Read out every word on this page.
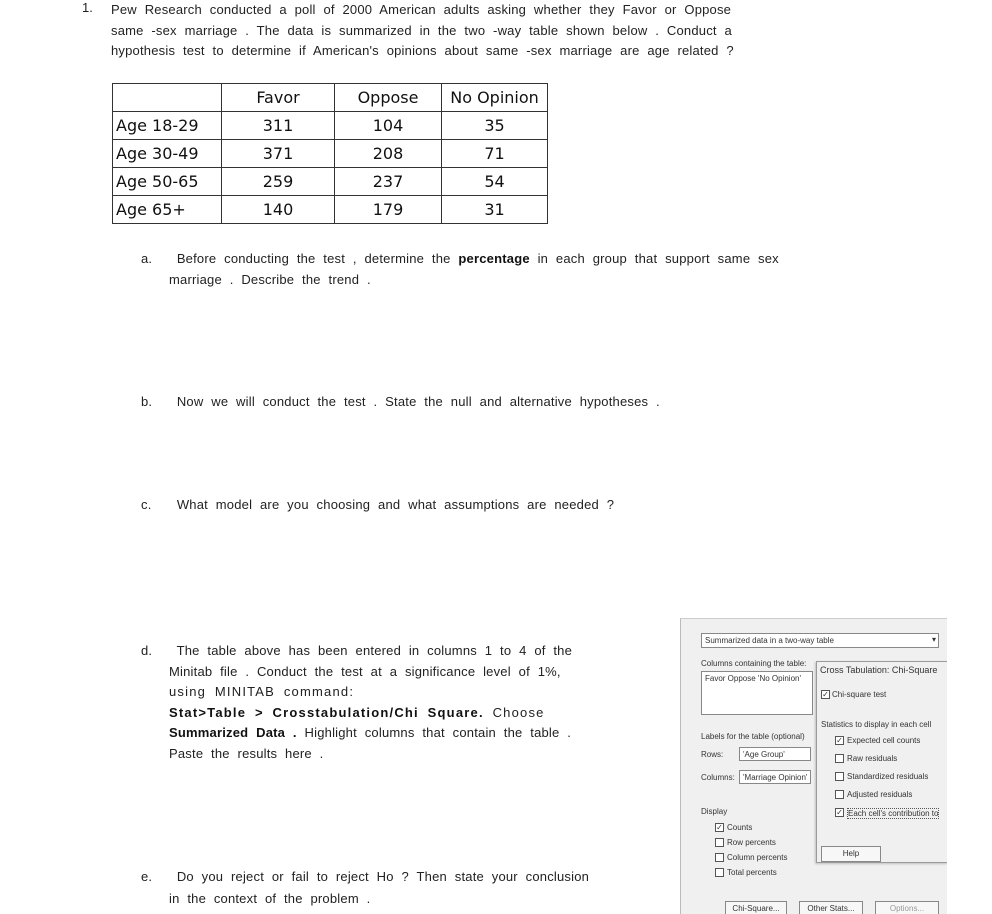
1. Pew Research conducted a poll of 2000 American adults asking whether they Favor or Oppose
same -sex marriage . The data is summarized in the two -way table shown below . Conduct a
hypothesis test to determine if American's opinions about same -sex marriage are age related ?
	Favor	Oppose	No Opinion
Age 18-29	311	104	35
Age 30-49	371	208	71
Age 50-65	259	237	54
Age 65+	140	179	31
a. Before conducting the test , determine the percentage in each group that support same sex
marriage . Describe the trend .
b. Now we will conduct the test . State the null and alternative hypotheses .
c. What model are you choosing and what assumptions are needed ?
d. The table above has been entered in columns 1 to 4 of the
Minitab file . Conduct the test at a significance level of 1%,
using MINITAB command:
Stat>Table > Crosstabulation/Chi Square. Choose
Summarized Data . Highlight columns that contain the table .
Paste the results here .
e. Do you reject or fail to reject Ho ? Then state your conclusion
in the context of the problem .
Summarized data in a two-way table	▾
Columns containing the table:
Favor Oppose 'No Opinion'
Labels for the table (optional)
Rows: 'Age Group'
Columns: 'Marriage Opinion'
Display
✓ Counts
Row percents
Column percents
Total percents
Chi-Square...	Other Stats...	Options...
Cross Tabulation: Chi-Square
✓ Chi-square test
Statistics to display in each cell
✓ Expected cell counts
Raw residuals
Standardized residuals
Adjusted residuals
✓ Each cell's contribution to
Help
